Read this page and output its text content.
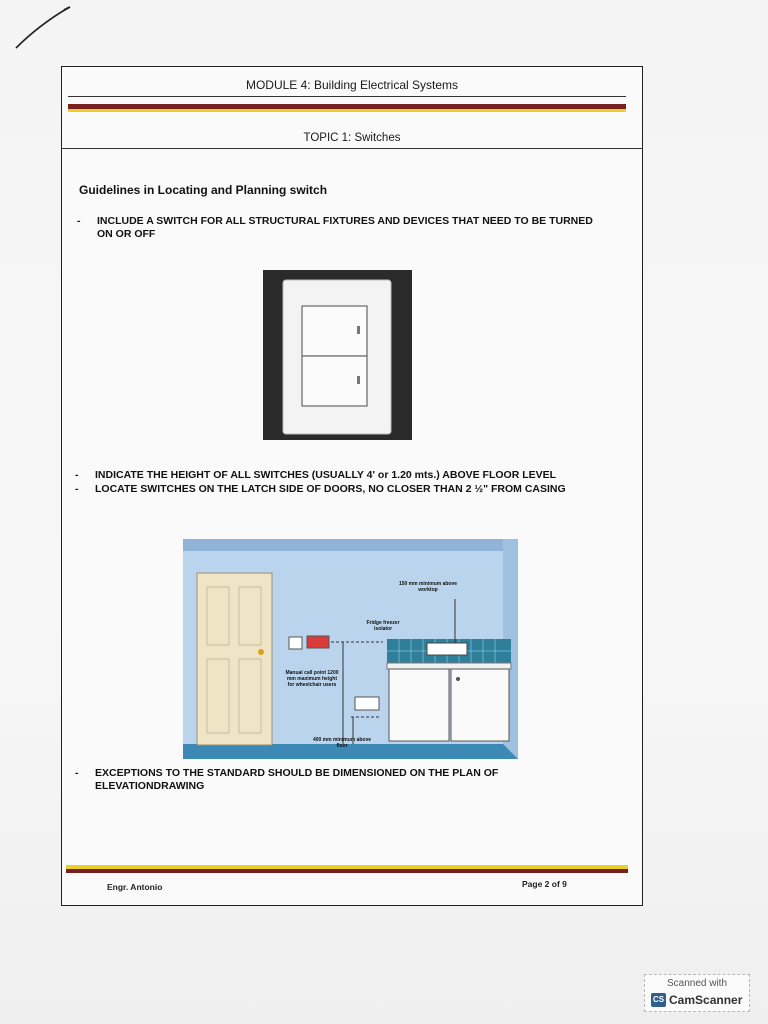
MODULE 4: Building Electrical Systems
TOPIC 1: Switches
Guidelines in Locating and Planning switch
- INCLUDE A SWITCH FOR ALL STRUCTURAL FIXTURES AND DEVICES THAT NEED TO BE TURNED ON OR OFF
- INDICATE THE HEIGHT OF ALL SWITCHES (USUALLY 4' or 1.20 mts.) ABOVE FLOOR LEVEL
- LOCATE SWITCHES ON THE LATCH SIDE OF DOORS, NO CLOSER THAN 2 ½" FROM CASING
150 mm minimum above worktop
Fridge freezer isolator
Manual call point 1200 mm maximum height for wheelchair users
400 mm minimum above floor
- EXCEPTIONS TO THE STANDARD SHOULD BE DIMENSIONED ON THE PLAN OF ELEVATIONDRAWING
Engr. Antonio	Page 2 of 9
Scanned with
CS CamScanner
